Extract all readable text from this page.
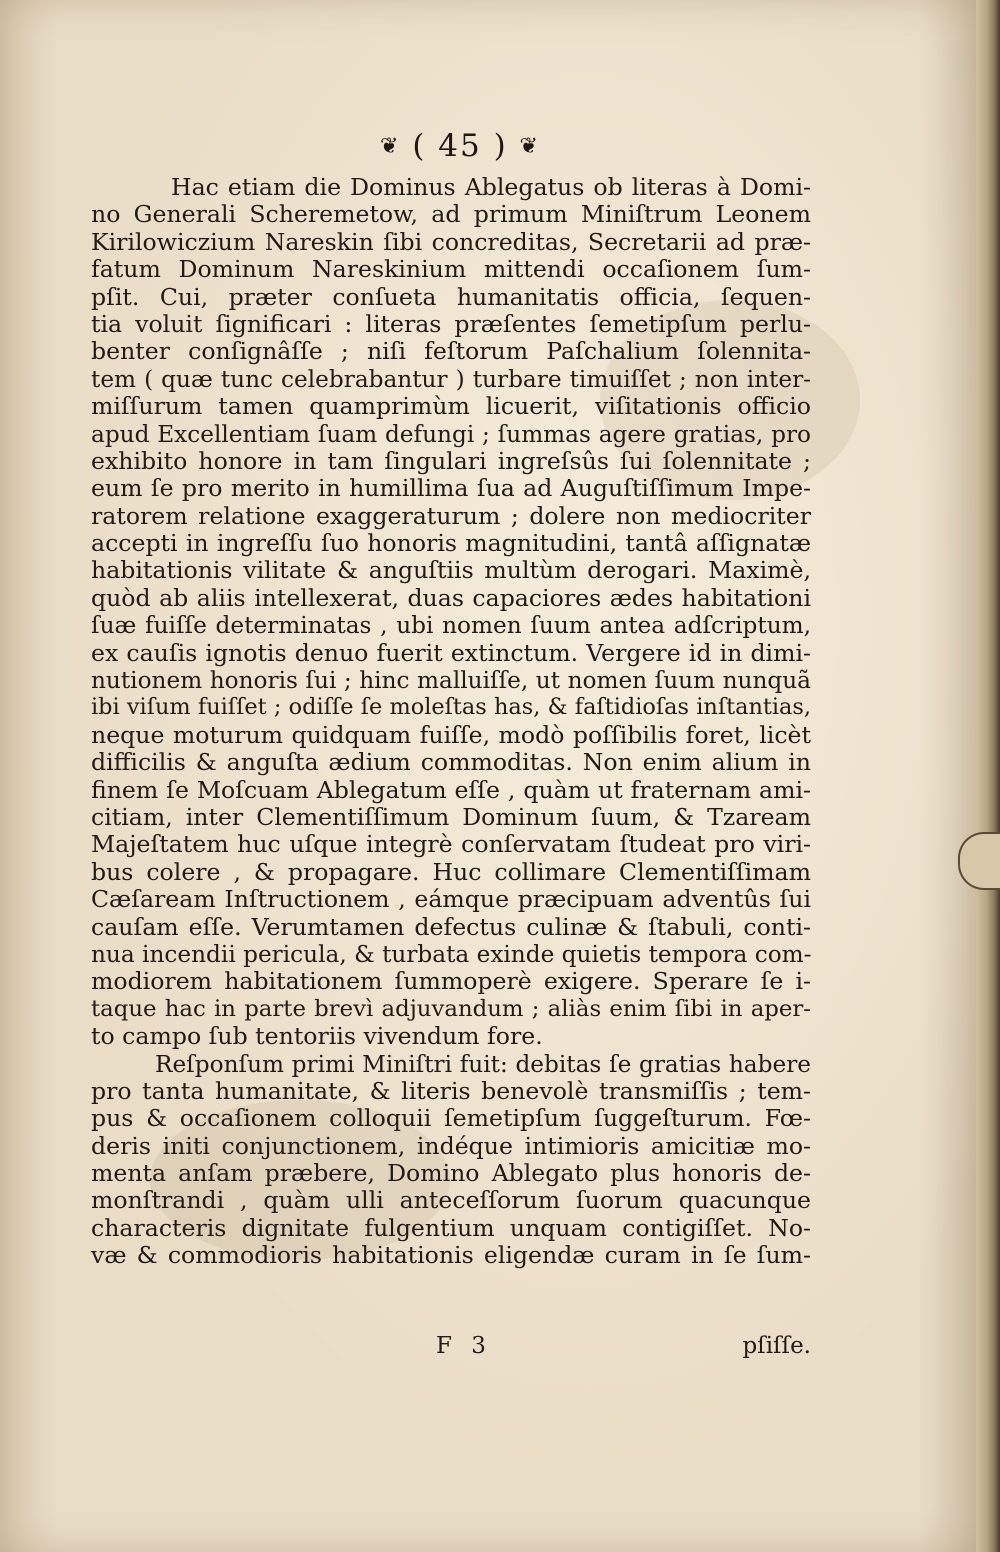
❦ ( 45 ) ❦
Hac etiam die Dominus Ablegatus ob literas à Domi-
no Generali Scheremetow, ad primum Miniſtrum Leonem
Kirilowiczium Nareskin ſibi concreditas, Secretarii ad præ-
fatum Dominum Nareskinium mittendi occaſionem ſum-
pſit. Cui, præter conſueta humanitatis officia, ſequen-
tia voluit ſignificari : literas præſentes ſemetipſum perlu-
benter conſignâſſe ; niſi feſtorum Paſchalium ſolennita-
tem ( quæ tunc celebrabantur ) turbare timuiſſet ; non inter-
miſſurum tamen quamprimùm licuerit, viſitationis officio
apud Excellentiam ſuam defungi ; ſummas agere gratias, pro
exhibito honore in tam ſingulari ingreſsûs ſui ſolennitate ;
eum ſe pro merito in humillima ſua ad Auguſtiſſimum Impe-
ratorem relatione exaggeraturum ; dolere non mediocriter
accepti in ingreſſu ſuo honoris magnitudini, tantâ aſſignatæ
habitationis vilitate & anguſtiis multùm derogari. Maximè,
quòd ab aliis intellexerat, duas capaciores ædes habitationi
ſuæ fuiſſe determinatas , ubi nomen ſuum antea adſcriptum,
ex cauſis ignotis denuo fuerit extinctum. Vergere id in dimi-
nutionem honoris ſui ; hinc malluiſſe, ut nomen ſuum nunquã
ibi viſum fuiſſet ; odiſſe ſe moleſtas has, & faſtidioſas inſtantias,
neque moturum quidquam fuiſſe, modò poſſibilis foret, licèt
difficilis & anguſta ædium commoditas. Non enim alium in
finem ſe Moſcuam Ablegatum eſſe , quàm ut fraternam ami-
citiam, inter Clementiſſimum Dominum ſuum, & Tzaream
Majeſtatem huc uſque integrè conſervatam ſtudeat pro viri-
bus colere , & propagare. Huc collimare Clementiſſimam
Cæſaream Inſtructionem , eámque præcipuam adventûs ſui
cauſam eſſe. Verumtamen defectus culinæ & ſtabuli, conti-
nua incendii pericula, & turbata exinde quietis tempora com-
modiorem habitationem ſummoperè exigere. Sperare ſe i-
taque hac in parte brevì adjuvandum ; aliàs enim ſibi in aper-
to campo ſub tentoriis vivendum fore.
Reſponſum primi Miniſtri fuit: debitas ſe gratias habere
pro tanta humanitate, & literis benevolè transmiſſis ; tem-
pus & occaſionem colloquii ſemetipſum ſuggeſturum. Fœ-
deris initi conjunctionem, indéque intimioris amicitiæ mo-
menta anſam præbere, Domino Ablegato plus honoris de-
monſtrandi , quàm ulli anteceſſorum ſuorum quacunque
characteris dignitate fulgentium unquam contigiſſet. No-
væ & commodioris habitationis eligendæ curam in ſe ſum-
F 3	pſiſſe.
